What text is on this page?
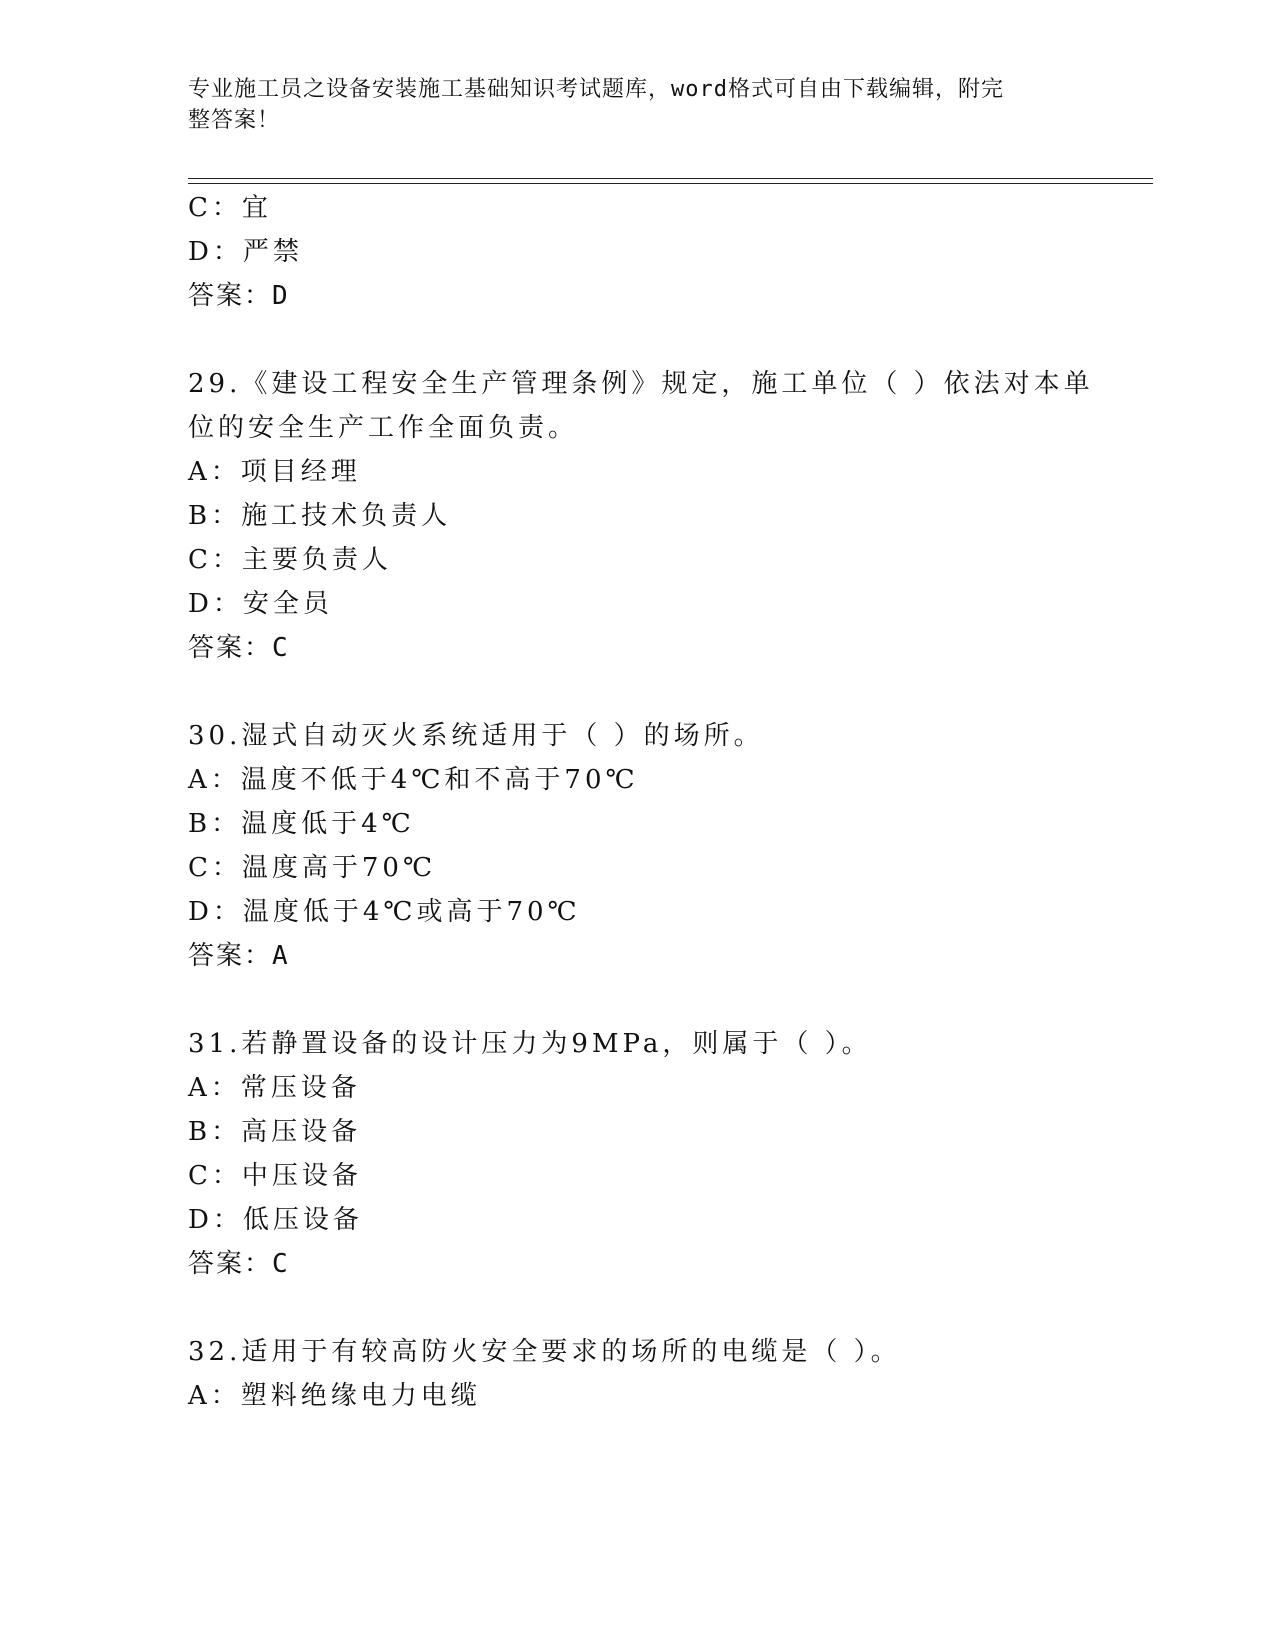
专业施工员之设备安装施工基础知识考试题库，word格式可自由下载编辑，附完
整答案！
C：宜
D：严禁
答案：D
29.《建设工程安全生产管理条例》规定，施工单位（ ）依法对本单
位的安全生产工作全面负责。
A：项目经理
B：施工技术负责人
C：主要负责人
D：安全员
答案：C
30.湿式自动灭火系统适用于（ ）的场所。
A：温度不低于4℃和不高于70℃
B：温度低于4℃
C：温度高于70℃
D：温度低于4℃或高于70℃
答案：A
31.若静置设备的设计压力为9MPa，则属于（ ）。
A：常压设备
B：高压设备
C：中压设备
D：低压设备
答案：C
32.适用于有较高防火安全要求的场所的电缆是（ ）。
A：塑料绝缘电力电缆
